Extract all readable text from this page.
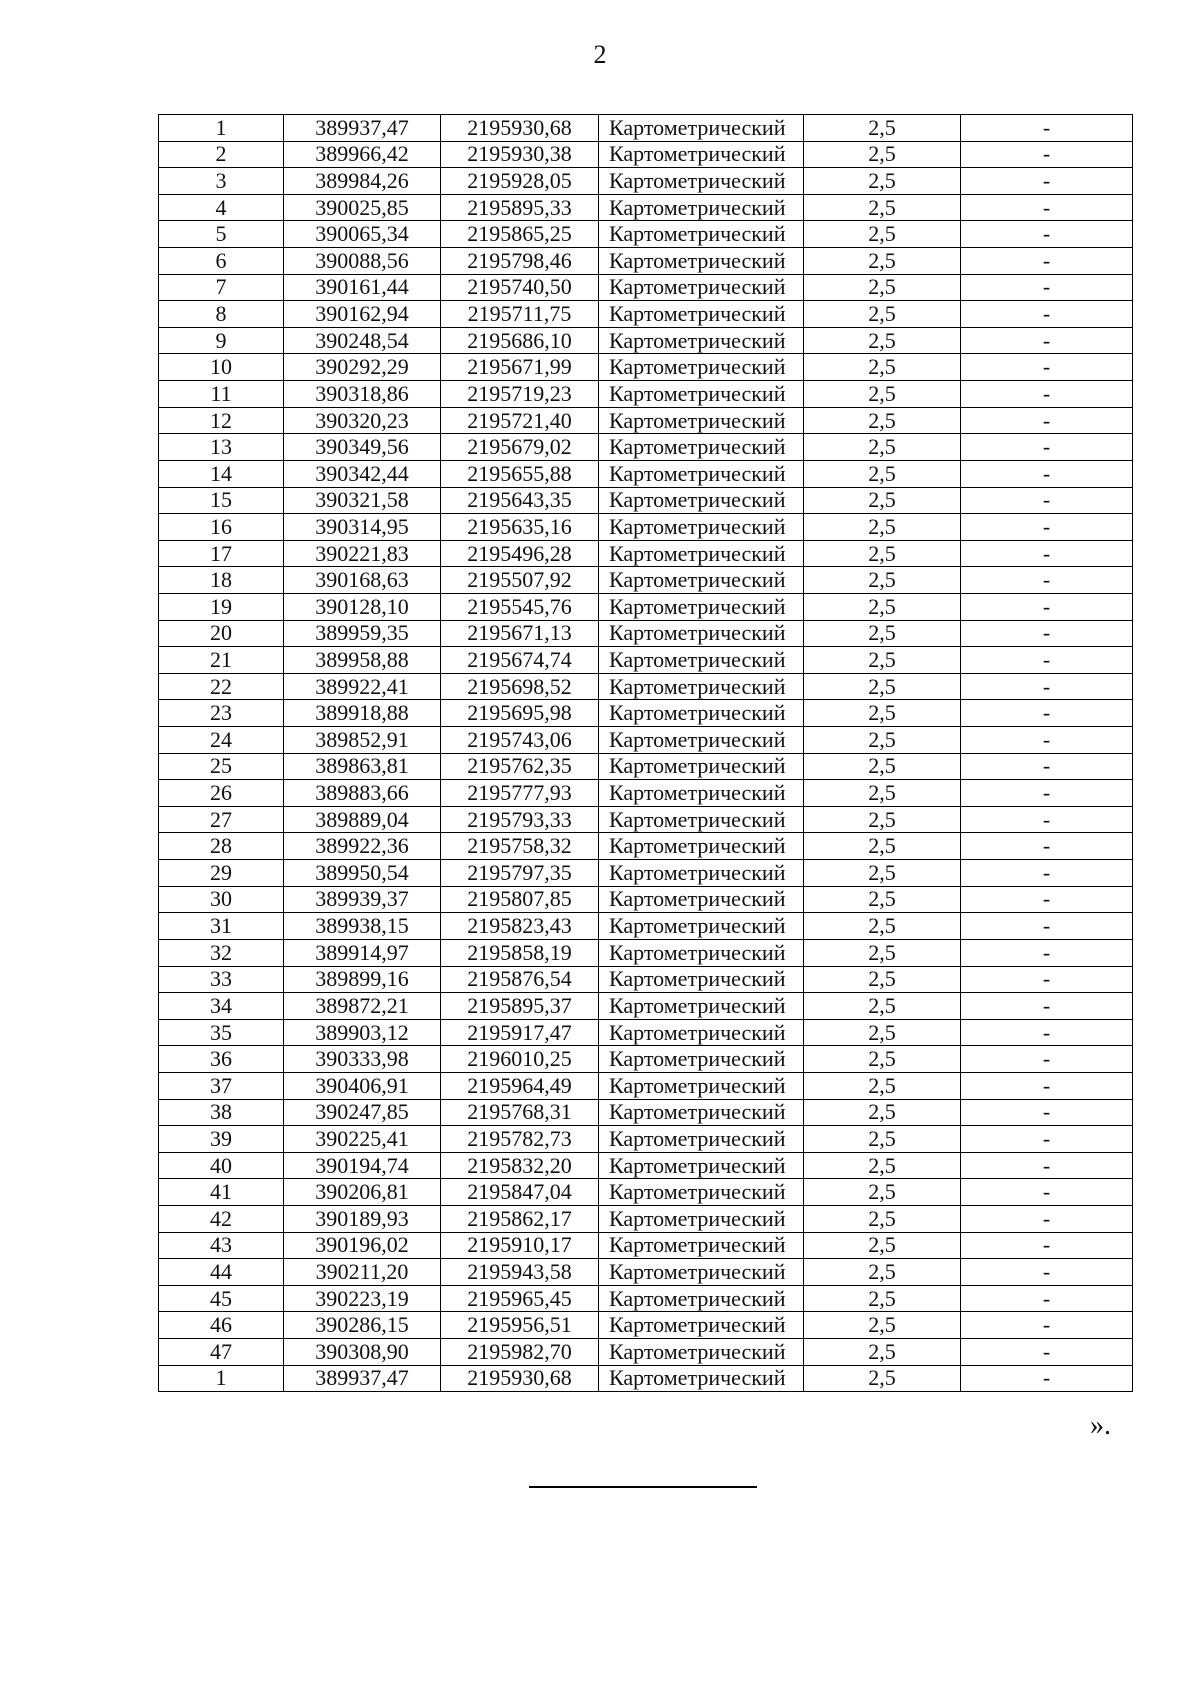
2
1	389937,47	2195930,68	Картометрический	2,5	-
2	389966,42	2195930,38	Картометрический	2,5	-
3	389984,26	2195928,05	Картометрический	2,5	-
4	390025,85	2195895,33	Картометрический	2,5	-
5	390065,34	2195865,25	Картометрический	2,5	-
6	390088,56	2195798,46	Картометрический	2,5	-
7	390161,44	2195740,50	Картометрический	2,5	-
8	390162,94	2195711,75	Картометрический	2,5	-
9	390248,54	2195686,10	Картометрический	2,5	-
10	390292,29	2195671,99	Картометрический	2,5	-
11	390318,86	2195719,23	Картометрический	2,5	-
12	390320,23	2195721,40	Картометрический	2,5	-
13	390349,56	2195679,02	Картометрический	2,5	-
14	390342,44	2195655,88	Картометрический	2,5	-
15	390321,58	2195643,35	Картометрический	2,5	-
16	390314,95	2195635,16	Картометрический	2,5	-
17	390221,83	2195496,28	Картометрический	2,5	-
18	390168,63	2195507,92	Картометрический	2,5	-
19	390128,10	2195545,76	Картометрический	2,5	-
20	389959,35	2195671,13	Картометрический	2,5	-
21	389958,88	2195674,74	Картометрический	2,5	-
22	389922,41	2195698,52	Картометрический	2,5	-
23	389918,88	2195695,98	Картометрический	2,5	-
24	389852,91	2195743,06	Картометрический	2,5	-
25	389863,81	2195762,35	Картометрический	2,5	-
26	389883,66	2195777,93	Картометрический	2,5	-
27	389889,04	2195793,33	Картометрический	2,5	-
28	389922,36	2195758,32	Картометрический	2,5	-
29	389950,54	2195797,35	Картометрический	2,5	-
30	389939,37	2195807,85	Картометрический	2,5	-
31	389938,15	2195823,43	Картометрический	2,5	-
32	389914,97	2195858,19	Картометрический	2,5	-
33	389899,16	2195876,54	Картометрический	2,5	-
34	389872,21	2195895,37	Картометрический	2,5	-
35	389903,12	2195917,47	Картометрический	2,5	-
36	390333,98	2196010,25	Картометрический	2,5	-
37	390406,91	2195964,49	Картометрический	2,5	-
38	390247,85	2195768,31	Картометрический	2,5	-
39	390225,41	2195782,73	Картометрический	2,5	-
40	390194,74	2195832,20	Картометрический	2,5	-
41	390206,81	2195847,04	Картометрический	2,5	-
42	390189,93	2195862,17	Картометрический	2,5	-
43	390196,02	2195910,17	Картометрический	2,5	-
44	390211,20	2195943,58	Картометрический	2,5	-
45	390223,19	2195965,45	Картометрический	2,5	-
46	390286,15	2195956,51	Картометрический	2,5	-
47	390308,90	2195982,70	Картометрический	2,5	-
1	389937,47	2195930,68	Картометрический	2,5	-
».
